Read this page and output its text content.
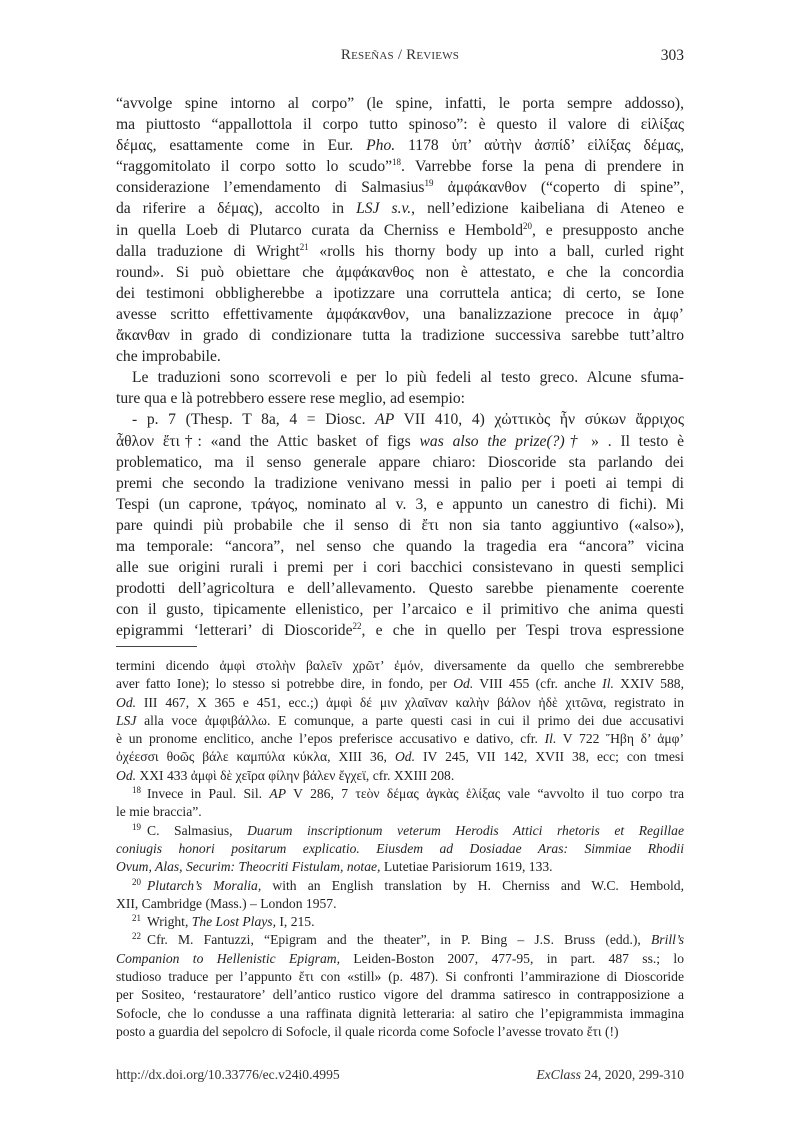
Reseñas / Reviews	303

“avvolge spine intorno al corpo” (le spine, infatti, le porta sempre addosso),
ma piuttosto “appallottola il corpo tutto spinoso”: è questo il valore di εἱλίξας
δέμας, esattamente come in Eur. Pho. 1178 ὑπ’ αὐτὴν ἀσπίδ’ εἱλίξας δέμας,
“raggomitolato il corpo sotto lo scudo”$^{18}$. Varrebbe forse la pena di prendere in
considerazione l’emendamento di Salmasius$^{19}$ ἀμφάκανθον (“coperto di spine”,
da riferire a δέμας), accolto in LSJ s.v., nell’edizione kaibeliana di Ateneo e
in quella Loeb di Plutarco curata da Cherniss e Hembold$^{20}$, e presupposto anche
dalla traduzione di Wright$^{21}$ «rolls his thorny body up into a ball, curled right
round». Si può obiettare che ἀμφάκανθος non è attestato, e che la concordia
dei testimoni obbligherebbe a ipotizzare una corruttela antica; di certo, se Ione
avesse scritto effettivamente ἀμφάκανθον, una banalizzazione precoce in ἀμφ’
ἄκανθαν in grado di condizionare tutta la tradizione successiva sarebbe tutt’altro
che improbabile.

Le traduzioni sono scorrevoli e per lo più fedeli al testo greco. Alcune sfuma-
ture qua e là potrebbero essere rese meglio, ad esempio:

- p. 7 (Thesp. T 8a, 4 = Diosc. AP VII 410, 4) χὠττικὸς ἦν σύκων ἄρριχος
ἆθλον ἔτι†: «and the Attic basket of figs was also the prize(?)† » . Il testo è
problematico, ma il senso generale appare chiaro: Dioscoride sta parlando dei
premi che secondo la tradizione venivano messi in palio per i poeti ai tempi di
Tespi (un caprone, τράγος, nominato al v. 3, e appunto un canestro di fichi). Mi
pare quindi più probabile che il senso di ἔτι non sia tanto aggiuntivo («also»),
ma temporale: “ancora”, nel senso che quando la tragedia era “ancora” vicina
alle sue origini rurali i premi per i cori bacchici consistevano in questi semplici
prodotti dell’agricoltura e dell’allevamento. Questo sarebbe pienamente coerente
con il gusto, tipicamente ellenistico, per l’arcaico e il primitivo che anima questi
epigrammi ‘letterari’ di Dioscoride$^{22}$, e che in quello per Tespi trova espressione

termini dicendo ἀμφὶ στολὴν βαλεῖν χρῶτ’ ἐμόν, diversamente da quello che sembrerebbe
aver fatto Ione); lo stesso si potrebbe dire, in fondo, per Od. VIII 455 (cfr. anche Il. XXIV 588,
Od. III 467, X 365 e 451, ecc.;) ἀμφὶ δέ μιν χλαῖναν καλὴν βάλον ἠδὲ χιτῶνα, registrato in
LSJ alla voce ἀμφιβάλλω. E comunque, a parte questi casi in cui il primo dei due accusativi
è un pronome enclitico, anche l’epos preferisce accusativo e dativo, cfr. Il. V 722 Ἥβη δ’ ἀμφ’
ὀχέεσσι θοῶς βάλε καμπύλα κύκλα, XIII 36, Od. IV 245, VII 142, XVII 38, ecc; con tmesi
Od. XXI 433 ἀμφὶ δὲ χεῖρα φίλην βάλεν ἔγχεϊ, cfr. XXIII 208.
$^{18}$ Invece in Paul. Sil. AP V 286, 7 τεὸν δέμας ἀγκὰς ἑλίξας vale “avvolto il tuo corpo tra
le mie braccia”.
$^{19}$ C. Salmasius, Duarum inscriptionum veterum Herodis Attici rhetoris et Regillae
coniugis honori positarum explicatio. Eiusdem ad Dosiadae Aras: Simmiae Rhodii
Ovum, Alas, Securim: Theocriti Fistulam, notae, Lutetiae Parisiorum 1619, 133.
$^{20}$ Plutarch’s Moralia, with an English translation by H. Cherniss and W.C. Hembold,
XII, Cambridge (Mass.) – London 1957.
$^{21}$ Wright, The Lost Plays, I, 215.
$^{22}$ Cfr. M. Fantuzzi, “Epigram and the theater”, in P. Bing – J.S. Bruss (edd.), Brill’s
Companion to Hellenistic Epigram, Leiden-Boston 2007, 477-95, in part. 487 ss.; lo
studioso traduce per l’appunto ἔτι con «still» (p. 487). Si confronti l’ammirazione di Dioscoride
per Sositeo, ‘restauratore’ dell’antico rustico vigore del dramma satiresco in contrapposizione a
Sofocle, che lo condusse a una raffinata dignità letteraria: al satiro che l’epigrammista immagina
posto a guardia del sepolcro di Sofocle, il quale ricorda come Sofocle l’avesse trovato ἔτι (!)
http://dx.doi.org/10.33776/ec.v24i0.4995	ExClass 24, 2020, 299-310
